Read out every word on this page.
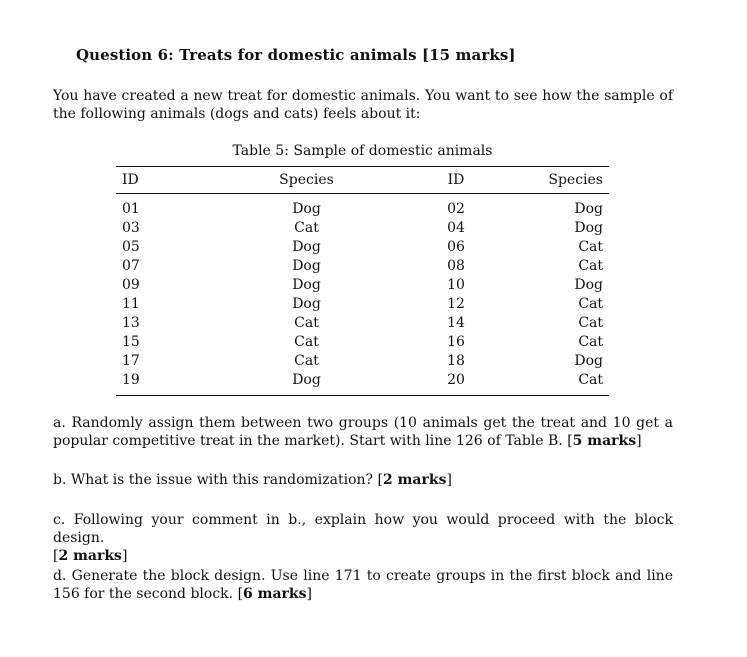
Question 6: Treats for domestic animals [15 marks]
You have created a new treat for domestic animals. You want to see how the sample of the following animals (dogs and cats) feels about it:
Table 5: Sample of domestic animals
ID	Species	ID	Species
01	Dog	02	Dog
03	Cat	04	Dog
05	Dog	06	Cat
07	Dog	08	Cat
09	Dog	10	Dog
11	Dog	12	Cat
13	Cat	14	Cat
15	Cat	16	Cat
17	Cat	18	Dog
19	Dog	20	Cat
a. Randomly assign them between two groups (10 animals get the treat and 10 get a popular competitive treat in the market). Start with line 126 of Table B. [5 marks]
b. What is the issue with this randomization? [2 marks]
c. Following your comment in b., explain how you would proceed with the block design.
[2 marks]
d. Generate the block design. Use line 171 to create groups in the first block and line 156 for the second block. [6 marks]
